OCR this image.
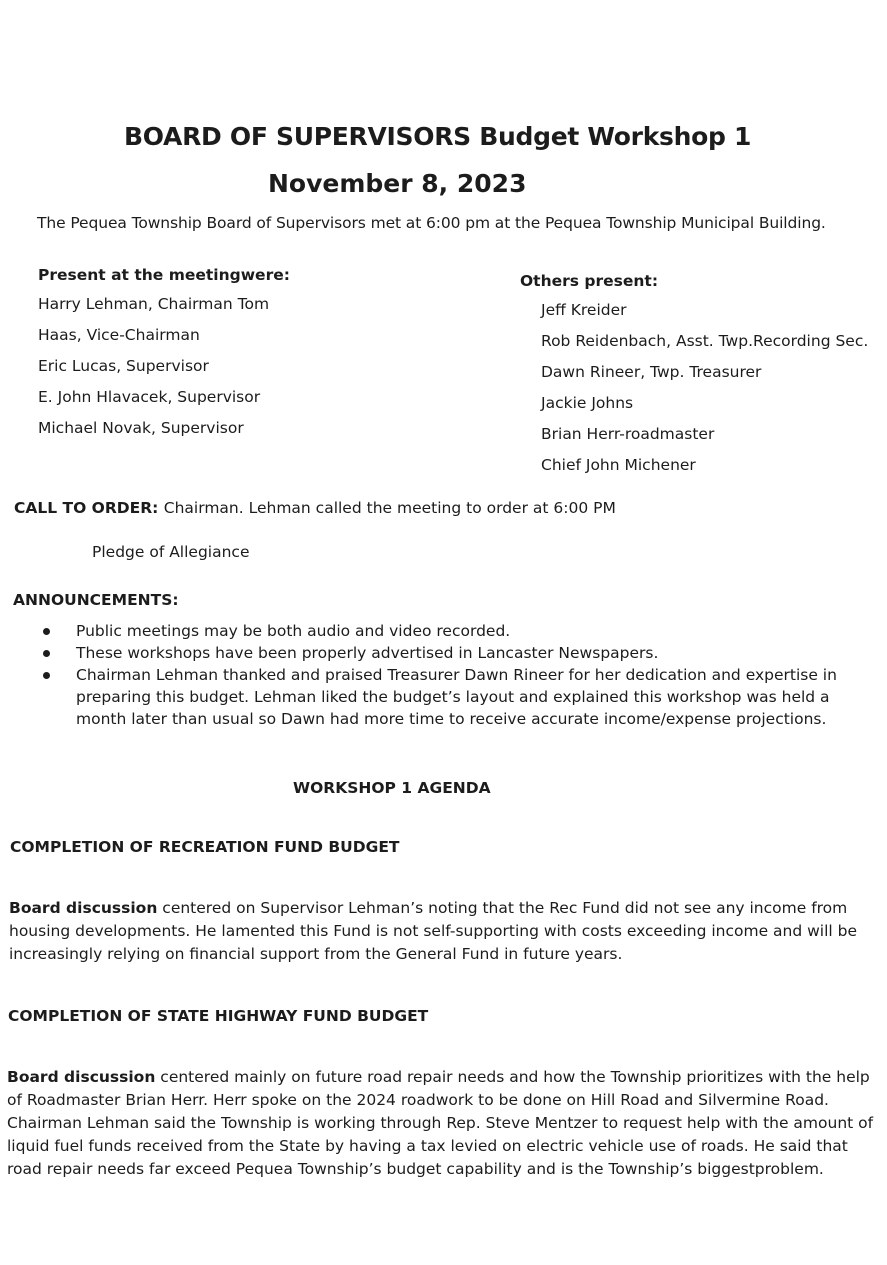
BOARD OF SUPERVISORS Budget Workshop 1
November 8, 2023
The Pequea Township Board of Supervisors met at 6:00 pm at the Pequea Township Municipal Building.
Present at the meetingwere:
Harry Lehman, Chairman Tom
Haas, Vice-Chairman
Eric Lucas, Supervisor
E. John Hlavacek, Supervisor
Michael Novak, Supervisor
Others present:
Jeff Kreider
Rob Reidenbach, Asst. Twp.Recording Sec.
Dawn Rineer, Twp. Treasurer
Jackie Johns
Brian Herr-roadmaster
Chief John Michener
CALL TO ORDER: Chairman. Lehman called the meeting to order at 6:00 PM
Pledge of Allegiance
ANNOUNCEMENTS:
Public meetings may be both audio and video recorded.
These workshops have been properly advertised in Lancaster Newspapers.
Chairman Lehman thanked and praised Treasurer Dawn Rineer for her dedication and expertise in preparing this budget. Lehman liked the budget’s layout and explained this workshop was held a month later than usual so Dawn had more time to receive accurate income/expense projections.
WORKSHOP 1 AGENDA
COMPLETION OF RECREATION FUND BUDGET
Board discussion centered on Supervisor Lehman’s noting that the Rec Fund did not see any income from housing developments. He lamented this Fund is not self-supporting with costs exceeding income and will be increasingly relying on financial support from the General Fund in future years.
COMPLETION OF STATE HIGHWAY FUND BUDGET
Board discussion centered mainly on future road repair needs and how the Township prioritizes with the help of Roadmaster Brian Herr. Herr spoke on the 2024 roadwork to be done on Hill Road and Silvermine Road. Chairman Lehman said the Township is working through Rep. Steve Mentzer to request help with the amount of liquid fuel funds received from the State by having a tax levied on electric vehicle use of roads. He said that road repair needs far exceed Pequea Township’s budget capability and is the Township’s biggestproblem.
